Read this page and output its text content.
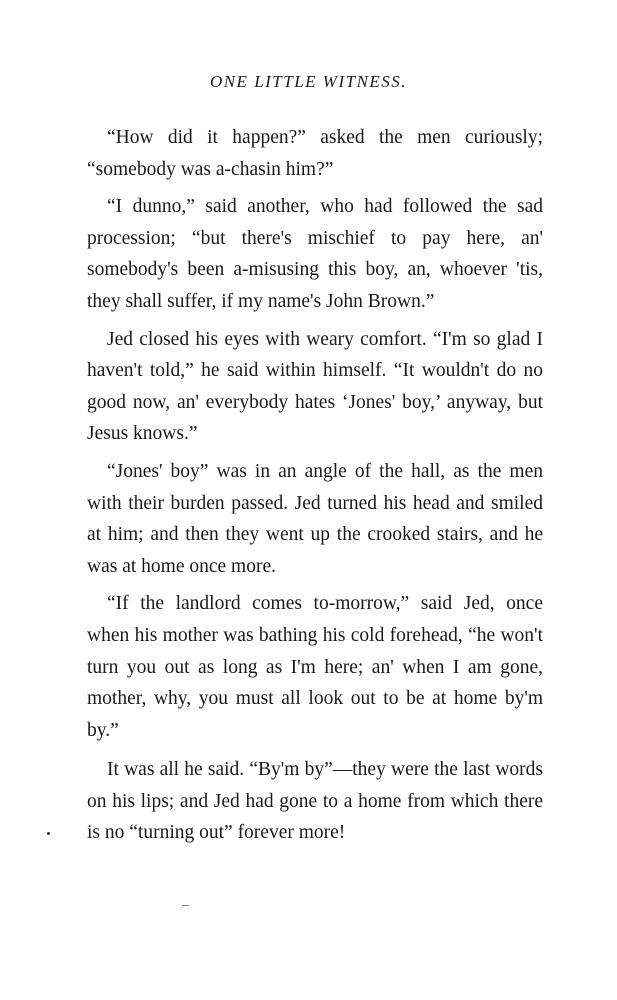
ONE LITTLE WITNESS.

“How did it happen?” asked the men curiously; “somebody was a-chasin him?”

“I dunno,” said another, who had followed the sad procession; “but there's mischief to pay here, an' somebody's been a-misusing this boy, an, whoever 'tis, they shall suffer, if my name's John Brown.”

Jed closed his eyes with weary comfort. “I'm so glad I haven't told,” he said within himself. “It wouldn't do no good now, an' everybody hates ‘Jones' boy,’ anyway, but Jesus knows.”

“Jones' boy” was in an angle of the hall, as the men with their burden passed. Jed turned his head and smiled at him; and then they went up the crooked stairs, and he was at home once more.

“If the landlord comes to-morrow,” said Jed, once when his mother was bathing his cold forehead, “he won't turn you out as long as I'm here; an' when I am gone, mother, why, you must all look out to be at home by'm by.”

It was all he said. “By'm by”—they were the last words on his lips; and Jed had gone to a home from which there is no “turning out” forever more!
